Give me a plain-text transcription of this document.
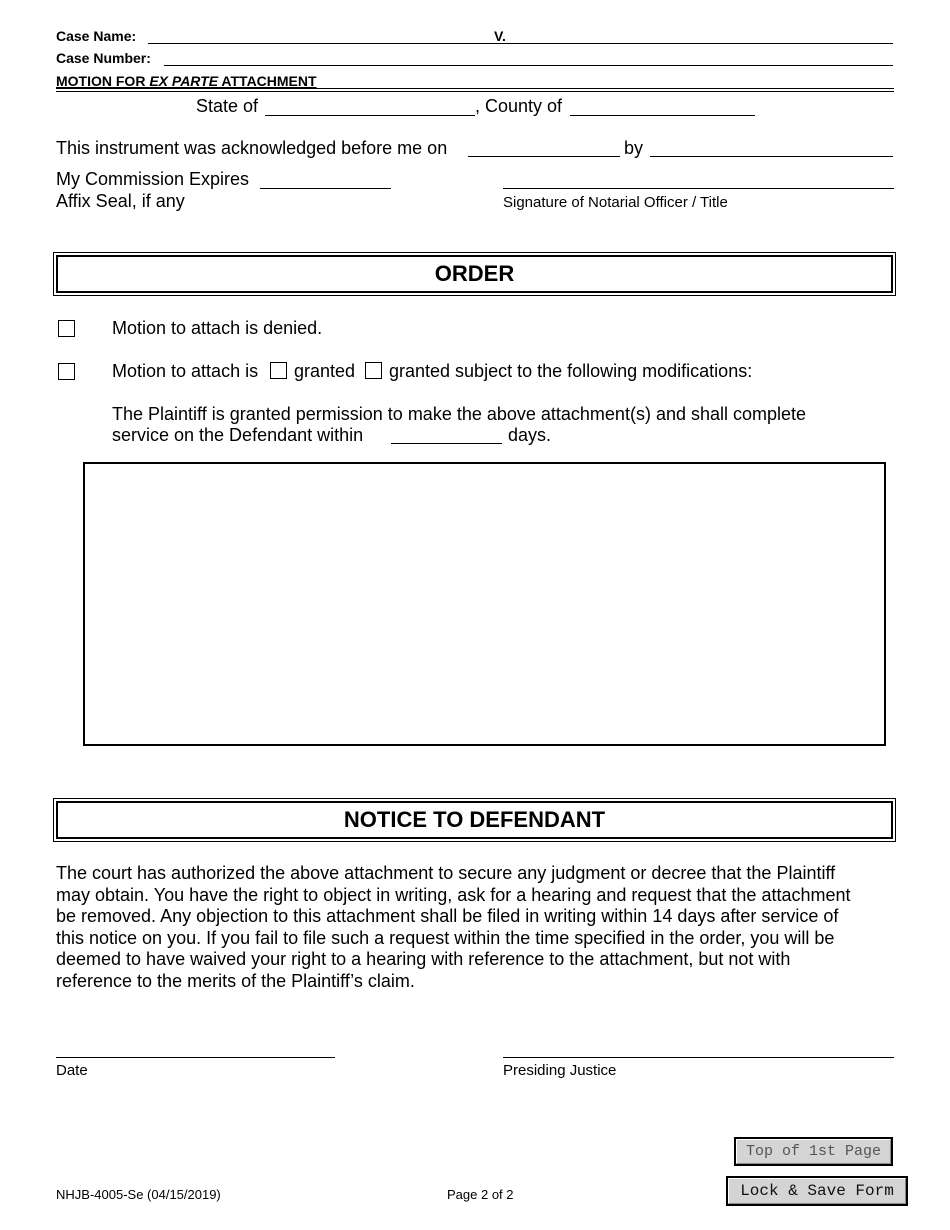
Case Name:	V.
Case Number:
MOTION FOR EX PARTE ATTACHMENT
State of	, County of
This instrument was acknowledged before me on	by
My Commission Expires
Affix Seal, if any	Signature of Notarial Officer / Title
ORDER
Motion to attach is denied.
Motion to attach is granted granted subject to the following modifications:
The Plaintiff is granted permission to make the above attachment(s) and shall complete
service on the Defendant within	days.
NOTICE TO DEFENDANT
The court has authorized the above attachment to secure any judgment or decree that the Plaintiff
may obtain. You have the right to object in writing, ask for a hearing and request that the attachment
be removed. Any objection to this attachment shall be filed in writing within 14 days after service of
this notice on you. If you fail to file such a request within the time specified in the order, you will be
deemed to have waived your right to a hearing with reference to the attachment, but not with
reference to the merits of the Plaintiff’s claim.
Date	Presiding Justice
Top of 1st Page
NHJB-4005-Se (04/15/2019)	Page 2 of 2	Lock & Save Form
